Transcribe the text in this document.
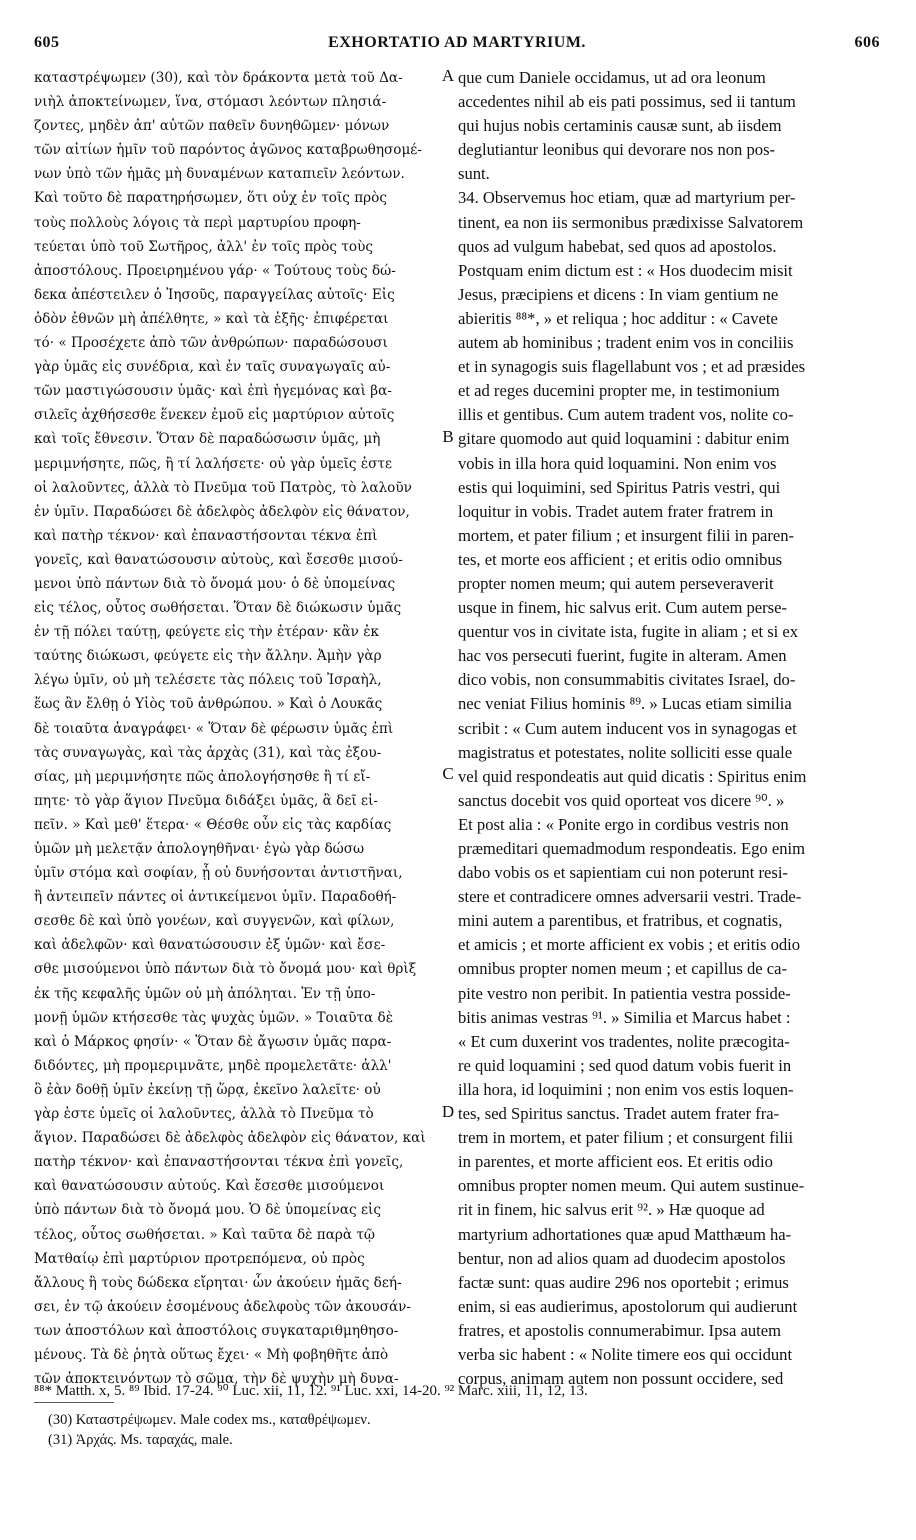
605	EXHORTATIO AD MARTYRIUM.	606
καταστρέψωμεν (30), καὶ τὸν δράκοντα μετὰ τοῦ Δα-
νιὴλ ἀποκτείνωμεν, ἵνα, στόμασι λεόντων πλησιά-
ζοντες, μηδὲν ἀπ' αὐτῶν παθεῖν δυνηθῶμεν· μόνων
τῶν αἰτίων ἡμῖν τοῦ παρόντος ἀγῶνος καταβρωθησομέ-
νων ὑπὸ τῶν ἡμᾶς μὴ δυναμένων καταπιεῖν λεόντων.
Καὶ τοῦτο δὲ παρατηρήσωμεν, ὅτι οὐχ ἐν τοῖς πρὸς
τοὺς πολλοὺς λόγοις τὰ περὶ μαρτυρίου προφη-
τεύεται ὑπὸ τοῦ Σωτῆρος, ἀλλ' ἐν τοῖς πρὸς τοὺς
ἀποστόλους. Προειρημένου γάρ· « Τούτους τοὺς δώ-
δεκα ἀπέστειλεν ὁ Ἰησοῦς, παραγγείλας αὐτοῖς· Εἰς
ὁδὸν ἐθνῶν μὴ ἀπέλθητε, » καὶ τὰ ἑξῆς· ἐπιφέρεται
τό· « Προσέχετε ἀπὸ τῶν ἀνθρώπων· παραδώσουσι
γὰρ ὑμᾶς εἰς συνέδρια, καὶ ἐν ταῖς συναγωγαῖς αὐ-
τῶν μαστιγώσουσιν ὑμᾶς· καὶ ἐπὶ ἡγεμόνας καὶ βα-
σιλεῖς ἀχθήσεσθε ἕνεκεν ἐμοῦ εἰς μαρτύριον αὐτοῖς
καὶ τοῖς ἔθνεσιν. Ὅταν δὲ παραδώσωσιν ὑμᾶς, μὴ
μεριμνήσητε, πῶς, ἢ τί λαλήσετε· οὐ γὰρ ὑμεῖς ἐστε
οἱ λαλοῦντες, ἀλλὰ τὸ Πνεῦμα τοῦ Πατρὸς, τὸ λαλοῦν
ἐν ὑμῖν. Παραδώσει δὲ ἀδελφὸς ἀδελφὸν εἰς θάνατον,
καὶ πατὴρ τέκνον· καὶ ἐπαναστήσονται τέκνα ἐπὶ
γονεῖς, καὶ θανατώσουσιν αὐτοὺς, καὶ ἔσεσθε μισού-
μενοι ὑπὸ πάντων διὰ τὸ ὄνομά μου· ὁ δὲ ὑπομείνας
εἰς τέλος, οὗτος σωθήσεται. Ὅταν δὲ διώκωσιν ὑμᾶς
ἐν τῇ πόλει ταύτῃ, φεύγετε εἰς τὴν ἑτέραν· κἂν ἐκ
ταύτης διώκωσι, φεύγετε εἰς τὴν ἄλλην. Ἀμὴν γὰρ
λέγω ὑμῖν, οὐ μὴ τελέσετε τὰς πόλεις τοῦ Ἰσραὴλ,
ἕως ἂν ἔλθῃ ὁ Υἱὸς τοῦ ἀνθρώπου. » Καὶ ὁ Λουκᾶς
δὲ τοιαῦτα ἀναγράφει· « Ὅταν δὲ φέρωσιν ὑμᾶς ἐπὶ
τὰς συναγωγὰς, καὶ τὰς ἀρχὰς (31), καὶ τὰς ἐξου-
σίας, μὴ μεριμνήσητε πῶς ἀπολογήσησθε ἢ τί εἴ-
πητε· τὸ γὰρ ἅγιον Πνεῦμα διδάξει ὑμᾶς, ἃ δεῖ εἰ-
πεῖν. » Καὶ μεθ' ἕτερα· « Θέσθε οὖν εἰς τὰς καρδίας
ὑμῶν μὴ μελετᾷν ἀπολογηθῆναι· ἐγὼ γὰρ δώσω
ὑμῖν στόμα καὶ σοφίαν, ᾗ οὐ δυνήσονται ἀντιστῆναι,
ἢ ἀντειπεῖν πάντες οἱ ἀντικείμενοι ὑμῖν. Παραδοθή-
σεσθε δὲ καὶ ὑπὸ γονέων, καὶ συγγενῶν, καὶ φίλων,
καὶ ἀδελφῶν· καὶ θανατώσουσιν ἐξ ὑμῶν· καὶ ἔσε-
σθε μισούμενοι ὑπὸ πάντων διὰ τὸ ὄνομά μου· καὶ θρὶξ
ἐκ τῆς κεφαλῆς ὑμῶν οὐ μὴ ἀπόληται. Ἐν τῇ ὑπο-
μονῇ ὑμῶν κτήσεσθε τὰς ψυχὰς ὑμῶν. » Τοιαῦτα δὲ
καὶ ὁ Μάρκος φησίν· « Ὅταν δὲ ἄγωσιν ὑμᾶς παρα-
διδόντες, μὴ προμεριμνᾶτε, μηδὲ προμελετᾶτε· ἀλλ'
ὃ ἐὰν δοθῇ ὑμῖν ἐκείνῃ τῇ ὥρᾳ, ἐκεῖνο λαλεῖτε· οὐ
γὰρ ἐστε ὑμεῖς οἱ λαλοῦντες, ἀλλὰ τὸ Πνεῦμα τὸ
ἅγιον. Παραδώσει δὲ ἀδελφὸς ἀδελφὸν εἰς θάνατον, καὶ
πατὴρ τέκνον· καὶ ἐπαναστήσονται τέκνα ἐπὶ γονεῖς,
καὶ θανατώσουσιν αὐτούς. Καὶ ἔσεσθε μισούμενοι
ὑπὸ πάντων διὰ τὸ ὄνομά μου. Ὁ δὲ ὑπομείνας εἰς
τέλος, οὗτος σωθήσεται. » Καὶ ταῦτα δὲ παρὰ τῷ
Ματθαίῳ ἐπὶ μαρτύριον προτρεπόμενα, οὐ πρὸς
ἄλλους ἢ τοὺς δώδεκα εἴρηται· ὧν ἀκούειν ἡμᾶς δεή-
σει, ἐν τῷ ἀκούειν ἐσομένους ἀδελφοὺς τῶν ἀκουσάν-
των ἀποστόλων καὶ ἀποστόλοις συγκαταριθμηθησο-
μένους. Τὰ δὲ ῥητὰ οὕτως ἔχει· « Μὴ φοβηθῆτε ἀπὸ
τῶν ἀποκτεινόντων τὸ σῶμα, τὴν δὲ ψυχὴν μὴ δυνα-
A
B
C
D
que cum Daniele occidamus, ut ad ora leonum
accedentes nihil ab eis pati possimus, sed ii tantum
qui hujus nobis certaminis causæ sunt, ab iisdem
deglutiantur leonibus qui devorare nos non pos-
sunt.
34. Observemus hoc etiam, quæ ad martyrium per-
tinent, ea non iis sermonibus prædixisse Salvatorem
quos ad vulgum habebat, sed quos ad apostolos.
Postquam enim dictum est : « Hos duodecim misit
Jesus, præcipiens et dicens : In viam gentium ne
abieritis ⁸⁸*, » et reliqua ; hoc additur : « Cavete
autem ab hominibus ; tradent enim vos in conciliis
et in synagogis suis flagellabunt vos ; et ad præsides
et ad reges ducemini propter me, in testimonium
illis et gentibus. Cum autem tradent vos, nolite co-
gitare quomodo aut quid loquamini : dabitur enim
vobis in illa hora quid loquamini. Non enim vos
estis qui loquimini, sed Spiritus Patris vestri, qui
loquitur in vobis. Tradet autem frater fratrem in
mortem, et pater filium ; et insurgent filii in paren-
tes, et morte eos afficient ; et eritis odio omnibus
propter nomen meum; qui autem perseveraverit
usque in finem, hic salvus erit. Cum autem perse-
quentur vos in civitate ista, fugite in aliam ; et si ex
hac vos persecuti fuerint, fugite in alteram. Amen
dico vobis, non consummabitis civitates Israel, do-
nec veniat Filius hominis ⁸⁹. » Lucas etiam similia
scribit : « Cum autem inducent vos in synagogas et
magistratus et potestates, nolite solliciti esse quale
vel quid respondeatis aut quid dicatis : Spiritus enim
sanctus docebit vos quid oporteat vos dicere ⁹⁰. »
Et post alia : « Ponite ergo in cordibus vestris non
præmeditari quemadmodum respondeatis. Ego enim
dabo vobis os et sapientiam cui non poterunt resi-
stere et contradicere omnes adversarii vestri. Trade-
mini autem a parentibus, et fratribus, et cognatis,
et amicis ; et morte afficient ex vobis ; et eritis odio
omnibus propter nomen meum ; et capillus de ca-
pite vestro non peribit. In patientia vestra posside-
bitis animas vestras ⁹¹. » Similia et Marcus habet :
« Et cum duxerint vos tradentes, nolite præcogita-
re quid loquamini ; sed quod datum vobis fuerit in
illa hora, id loquimini ; non enim vos estis loquen-
tes, sed Spiritus sanctus. Tradet autem frater fra-
trem in mortem, et pater filium ; et consurgent filii
in parentes, et morte afficient eos. Et eritis odio
omnibus propter nomen meum. Qui autem sustinue-
rit in finem, hic salvus erit ⁹². » Hæ quoque ad
martyrium adhortationes quæ apud Matthæum ha-
bentur, non ad alios quam ad duodecim apostolos
factæ sunt: quas audire 296 nos oportebit ; erimus
enim, si eas audierimus, apostolorum qui audierunt
fratres, et apostolis connumerabimur. Ipsa autem
verba sic habent : « Nolite timere eos qui occidunt
corpus, animam autem non possunt occidere, sed
⁸⁸* Matth. x, 5. ⁸⁹ Ibid. 17-24. ⁹⁰ Luc. xii, 11, 12. ⁹¹ Luc. xxi, 14-20. ⁹² Marc. xiii, 11, 12, 13.
(30) Καταστρέψωμεν. Male codex ms., καταθρέψωμεν.
(31) Ἀρχάς. Ms. ταραχάς, male.
